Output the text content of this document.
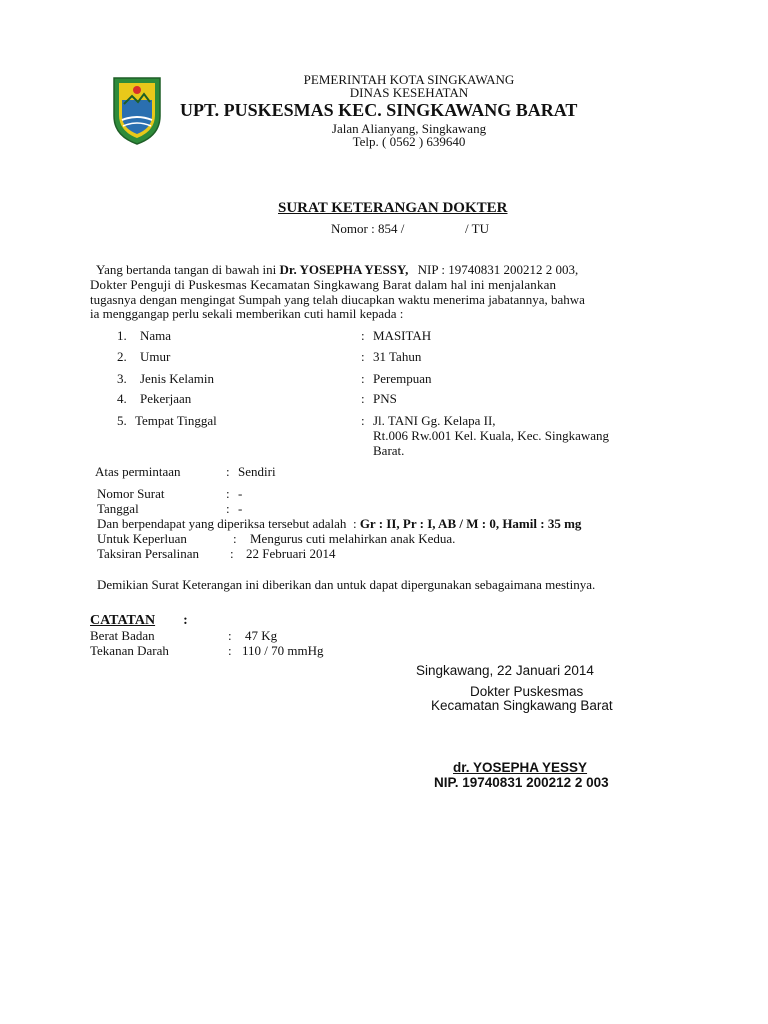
PEMERINTAH KOTA SINGKAWANG
DINAS KESEHATAN
UPT. PUSKESMAS KEC. SINGKAWANG BARAT
Jalan Alianyang, Singkawang
Telp. ( 0562 ) 639640
SURAT KETERANGAN DOKTER
Nomor : 854 /	/ TU
Yang bertanda tangan di bawah ini Dr. YOSEPHA YESSY, NIP : 19740831 200212 2 003,
Dokter Penguji di Puskesmas Kecamatan Singkawang Barat dalam hal ini menjalankan
tugasnya dengan mengingat Sumpah yang telah diucapkan waktu menerima jabatannya, bahwa
ia menggangap perlu sekali memberikan cuti hamil kepada :
1. Nama	: MASITAH
2. Umur	: 31 Tahun
3. Jenis Kelamin	: Perempuan
4. Pekerjaan	: PNS
5. Tempat Tinggal	: Jl. TANI Gg. Kelapa II,
Rt.006 Rw.001 Kel. Kuala, Kec. Singkawang
Barat.
Atas permintaan	: Sendiri
Nomor Surat	: -
Tanggal	: -
Dan berpendapat yang diperiksa tersebut adalah  : Gr : II, Pr : I, AB / M : 0, Hamil : 35 mg
Untuk Keperluan	: Mengurus cuti melahirkan anak Kedua.
Taksiran Persalinan : 22 Februari 2014
Demikian Surat Keterangan ini diberikan dan untuk dapat dipergunakan sebagaimana mestinya.
CATATAN :
Berat Badan	: 47 Kg
Tekanan Darah	: 110 / 70 mmHg
Singkawang, 22 Januari 2014
Dokter Puskesmas
Kecamatan Singkawang Barat
dr. YOSEPHA YESSY
NIP. 19740831 200212 2 003
